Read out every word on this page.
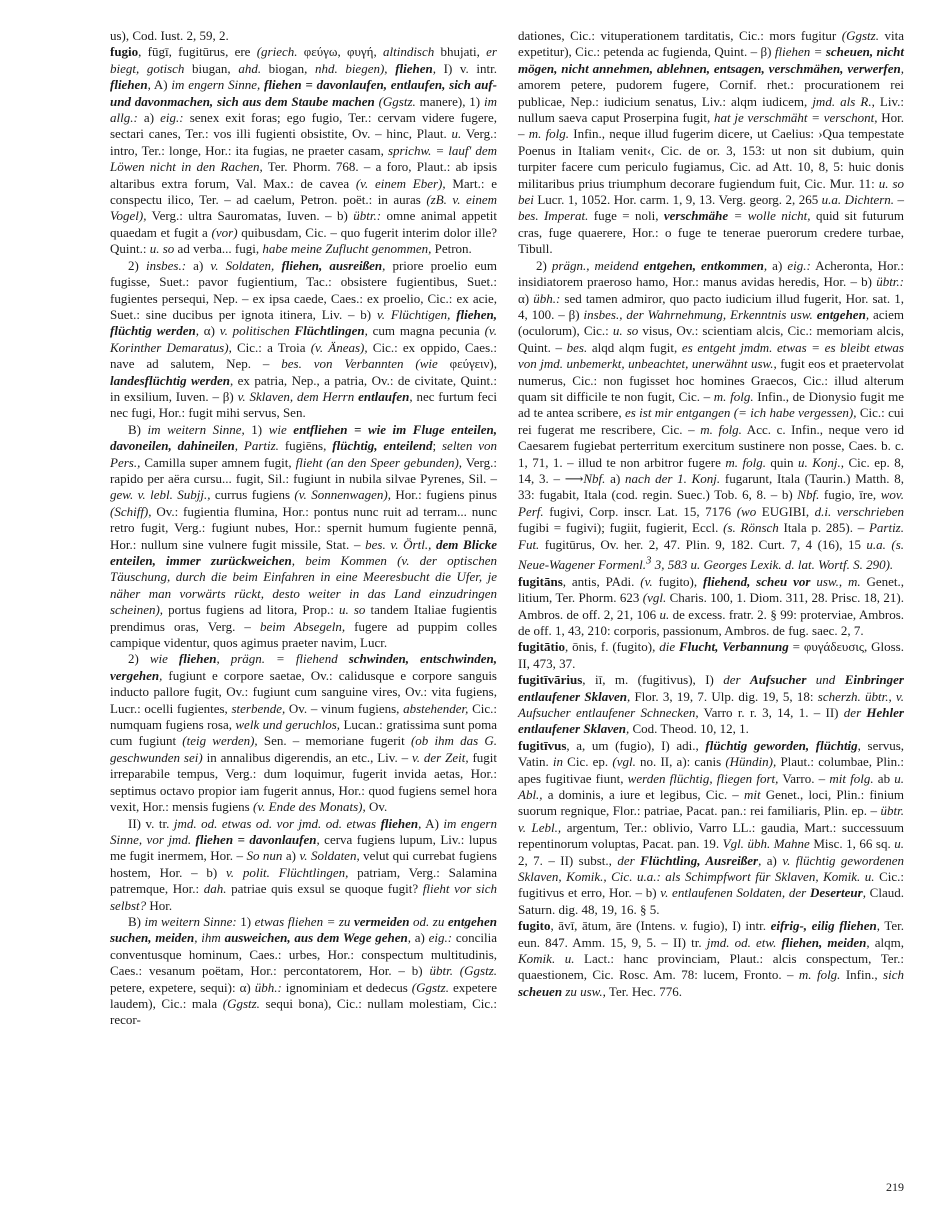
us), Cod. Iust. 2, 59, 2.

fugio, fūgī, fugitūrus, ere (griech. φεύγω, φυγή, altindisch bhujati, er biegt, gotisch biugan, ahd. biogan, nhd. biegen), fliehen, I) v. intr. fliehen, A) im engern Sinne, fliehen = davonlaufen, entlaufen, sich auf- und davonmachen, sich aus dem Staube machen (Ggstz. manere), 1) im allg.: a) eig.: senex exit foras; ego fugio, Ter.: cervam videre fugere, sectari canes, Ter.: vos illi fugienti obsistite, Ov. – hinc, Plaut. u. Verg.: intro, Ter.: longe, Hor.: ita fugias, ne praeter casam, sprichw. = lauf' dem Löwen nicht in den Rachen, Ter. Phorm. 768. – a foro, Plaut.: ab ipsis altaribus extra forum, Val. Max.: de cavea (v. einem Eber), Mart.: e conspectu ilico, Ter. – ad caelum, Petron. poët.: in auras (zB. v. einem Vogel), Verg.: ultra Sauromatas, Iuven. – b) übtr.: omne animal appetit quaedam et fugit a (vor) quibusdam, Cic. – quo fugerit interim dolor ille? Quint.: u. so ad verba... fugi, habe meine Zuflucht genommen, Petron.

2) insbes.: a) v. Soldaten, fliehen, ausreißen, priore proelio eum fugisse, Suet.: pavor fugientium, Tac.: obsistere fugientibus, Suet.: fugientes persequi, Nep. – ex ipsa caede, Caes.: ex proelio, Cic.: ex acie, Suet.: sine ducibus per ignota itinera, Liv. – b) v. Flüchtigen, fliehen, flüchtig werden, α) v. politischen Flüchtlingen, cum magna pecunia (v. Korinther Demaratus), Cic.: a Troia (v. Äneas), Cic.: ex oppido, Caes.: nave ad salutem, Nep. – bes. von Verbannten (wie φεύγειν), landesflüchtig werden, ex patria, Nep., a patria, Ov.: de civitate, Quint.: in exsilium, Iuven. – β) v. Sklaven, dem Herrn entlaufen, nec furtum feci nec fugi, Hor.: fugit mihi servus, Sen.

B) im weitern Sinne, 1) wie entfliehen = wie im Fluge enteilen, davoneilen, dahineilen, Partiz. fugiēns, flüchtig, enteilend; selten von Pers., Camilla super amnem fugit, flieht (an den Speer gebunden), Verg.: rapido per aëra cursu... fugit, Sil.: fugiunt in nubila silvae Pyrenes, Sil. – gew. v. lebl. Subjj., currus fugiens (v. Sonnenwagen), Hor.: fugiens pinus (Schiff), Ov.: fugientia flumina, Hor.: pontus nunc ruit ad terram... nunc retro fugit, Verg.: fugiunt nubes, Hor.: spernit humum fugiente pennā, Hor.: nullum sine vulnere fugit missile, Stat. – bes. v. Örtl., dem Blicke enteilen, immer zurückweichen, beim Kommen (v. der optischen Täuschung, durch die beim Einfahren in eine Meeresbucht die Ufer, je näher man vorwärts rückt, desto weiter in das Land einzudringen scheinen), portus fugiens ad litora, Prop.: u. so tandem Italiae fugientis prendimus oras, Verg. – beim Absegeln, fugere ad puppim colles campique videntur, quos agimus praeter navim, Lucr.

2) wie fliehen, prägn. = fliehend schwinden, entschwinden, vergehen, fugiunt e corpore saetae, Ov.: calidusque e corpore sanguis inducto pallore fugit, Ov.: fugiunt cum sanguine vires, Ov.: vita fugiens, Lucr.: ocelli fugientes, sterbende, Ov. – vinum fugiens, abstehender, Cic.: numquam fugiens rosa, welk und geruchlos, Lucan.: gratissima sunt poma cum fugiunt (teig werden), Sen. – memoriane fugerit (ob ihm das G. geschwunden sei) in annalibus digerendis, an etc., Liv. – v. der Zeit, fugit irreparabile tempus, Verg.: dum loquimur, fugerit invida aetas, Hor.: septimus octavo propior iam fugerit annus, Hor.: quod fugiens semel hora vexit, Hor.: mensis fugiens (v. Ende des Monats), Ov.

II) v. tr. jmd. od. etwas od. vor jmd. od. etwas fliehen, A) im engern Sinne, vor jmd. fliehen = davonlaufen, cerva fugiens lupum, Liv.: lupus me fugit inermem, Hor. – So nun a) v. Soldaten, velut qui currebat fugiens hostem, Hor. – b) v. polit. Flüchtlingen, patriam, Verg.: Salamina patremque, Hor.: dah. patriae quis exsul se quoque fugit? flieht vor sich selbst? Hor.

B) im weitern Sinne: 1) etwas fliehen = zu vermeiden od. zu entgehen suchen, meiden, ihm ausweichen, aus dem Wege gehen, a) eig.: concilia conventusque hominum, Caes.: urbes, Hor.: conspectum multitudinis, Caes.: vesanum poëtam, Hor.: percontatorem, Hor. – b) übtr. (Ggstz. petere, expetere, sequi): α) übh.: ignominiam et dedecus (Ggstz. expetere laudem), Cic.: mala (Ggstz. sequi bona), Cic.: nullam molestiam, Cic.: recor-

dationes, Cic.: vituperationem tarditatis, Cic.: mors fugitur (Ggstz. vita expetitur), Cic.: petenda ac fugienda, Quint. – β) fliehen = scheuen, nicht mögen, nicht annehmen, ablehnen, entsagen, verschmähen, verwerfen, amorem petere, pudorem fugere, Cornif. rhet.: procurationem rei publicae, Nep.: iudicium senatus, Liv.: alqm iudicem, jmd. als R., Liv.: nullum saeva caput Proserpina fugit, hat je verschmäht = verschont, Hor. – m. folg. Infin., neque illud fugerim dicere, ut Caelius: ›Qua tempestate Poenus in Italiam venit‹, Cic. de or. 3, 153: ut non sit dubium, quin turpiter facere cum periculo fugiamus, Cic. ad Att. 10, 8, 5: huic donis militaribus prius triumphum decorare fugiendum fuit, Cic. Mur. 11: u. so bei Lucr. 1, 1052. Hor. carm. 1, 9, 13. Verg. georg. 2, 265 u.a. Dichtern. – bes. Imperat. fuge = noli, verschmähe = wolle nicht, quid sit futurum cras, fuge quaerere, Hor.: o fuge te tenerae puerorum credere turbae, Tibull.

2) prägn., meidend entgehen, entkommen, a) eig.: Acheronta, Hor.: insidiatorem praeroso hamo, Hor.: manus avidas heredis, Hor. – b) übtr.: α) übh.: sed tamen admiror, quo pacto iudicium illud fugerit, Hor. sat. 1, 4, 100. – β) insbes., der Wahrnehmung, Erkenntnis usw. entgehen, aciem (oculorum), Cic.: u. so visus, Ov.: scientiam alcis, Cic.: memoriam alcis, Quint. – bes. alqd alqm fugit, es entgeht jmdm. etwas = es bleibt etwas von jmd. unbemerkt, unbeachtet, unerwähnt usw., fugit eos et praetervolat numerus, Cic.: non fugisset hoc homines Graecos, Cic.: illud alterum quam sit difficile te non fugit, Cic. – m. folg. Infin., de Dionysio fugit me ad te antea scribere, es ist mir entgangen (= ich habe vergessen), Cic.: cui rei fugerat me rescribere, Cic. – m. folg. Acc. c. Infin., neque vero id Caesarem fugiebat perterritum exercitum sustinere non posse, Caes. b. c. 1, 71, 1. – illud te non arbitror fugere m. folg. quin u. Konj., Cic. ep. 8, 14, 3. – ⟶Nbf. a) nach der 1. Konj. fugarunt, Itala (Taurin.) Matth. 8, 33: fugabit, Itala (cod. regin. Suec.) Tob. 6, 8. – b) Nbf. fugio, īre, wov. Perf. fugivi, Corp. inscr. Lat. 15, 7176 (wo EUGIBI, d.i. verschrieben fugibi = fugivi); fugiit, fugierit, Eccl. (s. Rönsch Itala p. 285). – Partiz. Fut. fugitūrus, Ov. her. 2, 47. Plin. 9, 182. Curt. 7, 4 (16), 15 u.a. (s. Neue-Wagener Formenl.$^3$ 3, 583 u. Georges Lexik. d. lat. Wortf. S. 290).

fugitāns, antis, PAdi. (v. fugito), fliehend, scheu vor usw., m. Genet., litium, Ter. Phorm. 623 (vgl. Charis. 100, 1. Diom. 311, 28. Prisc. 18, 21). Ambros. de off. 2, 21, 106 u. de excess. fratr. 2. § 99: proterviae, Ambros. de off. 1, 43, 210: corporis, passionum, Ambros. de fug. saec. 2, 7.

fugitātio, ōnis, f. (fugito), die Flucht, Verbannung = φυγάδευσις, Gloss. II, 473, 37.

fugitīvārius, iī, m. (fugitivus), I) der Aufsucher und Einbringer entlaufener Sklaven, Flor. 3, 19, 7. Ulp. dig. 19, 5, 18: scherzh. übtr., v. Aufsucher entlaufener Schnecken, Varro r. r. 3, 14, 1. – II) der Hehler entlaufener Sklaven, Cod. Theod. 10, 12, 1.

fugitīvus, a, um (fugio), I) adi., flüchtig geworden, flüchtig, servus, Vatin. in Cic. ep. (vgl. no. II, a): canis (Hündin), Plaut.: columbae, Plin.: apes fugitivae fiunt, werden flüchtig, fliegen fort, Varro. – mit folg. ab u. Abl., a dominis, a iure et legibus, Cic. – mit Genet., loci, Plin.: finium suorum regnique, Flor.: patriae, Pacat. pan.: rei familiaris, Plin. ep. – übtr. v. Lebl., argentum, Ter.: oblivio, Varro LL.: gaudia, Mart.: successuum repentinorum voluptas, Pacat. pan. 19. Vgl. übh. Mahne Misc. 1, 66 sq. u. 2, 7. – II) subst., der Flüchtling, Ausreißer, a) v. flüchtig gewordenen Sklaven, Komik., Cic. u.a.: als Schimpfwort für Sklaven, Komik. u. Cic.: fugitivus et erro, Hor. – b) v. entlaufenen Soldaten, der Deserteur, Claud. Saturn. dig. 48, 19, 16. § 5.

fugito, āvī, ātum, āre (Intens. v. fugio), I) intr. eifrig-, eilig fliehen, Ter. eun. 847. Amm. 15, 9, 5. – II) tr. jmd. od. etw. fliehen, meiden, alqm, Komik. u. Lact.: hanc provinciam, Plaut.: alcis conspectum, Ter.: quaestionem, Cic. Rosc. Am. 78: lucem, Fronto. – m. folg. Infin., sich scheuen zu usw., Ter. Hec. 776.

219
